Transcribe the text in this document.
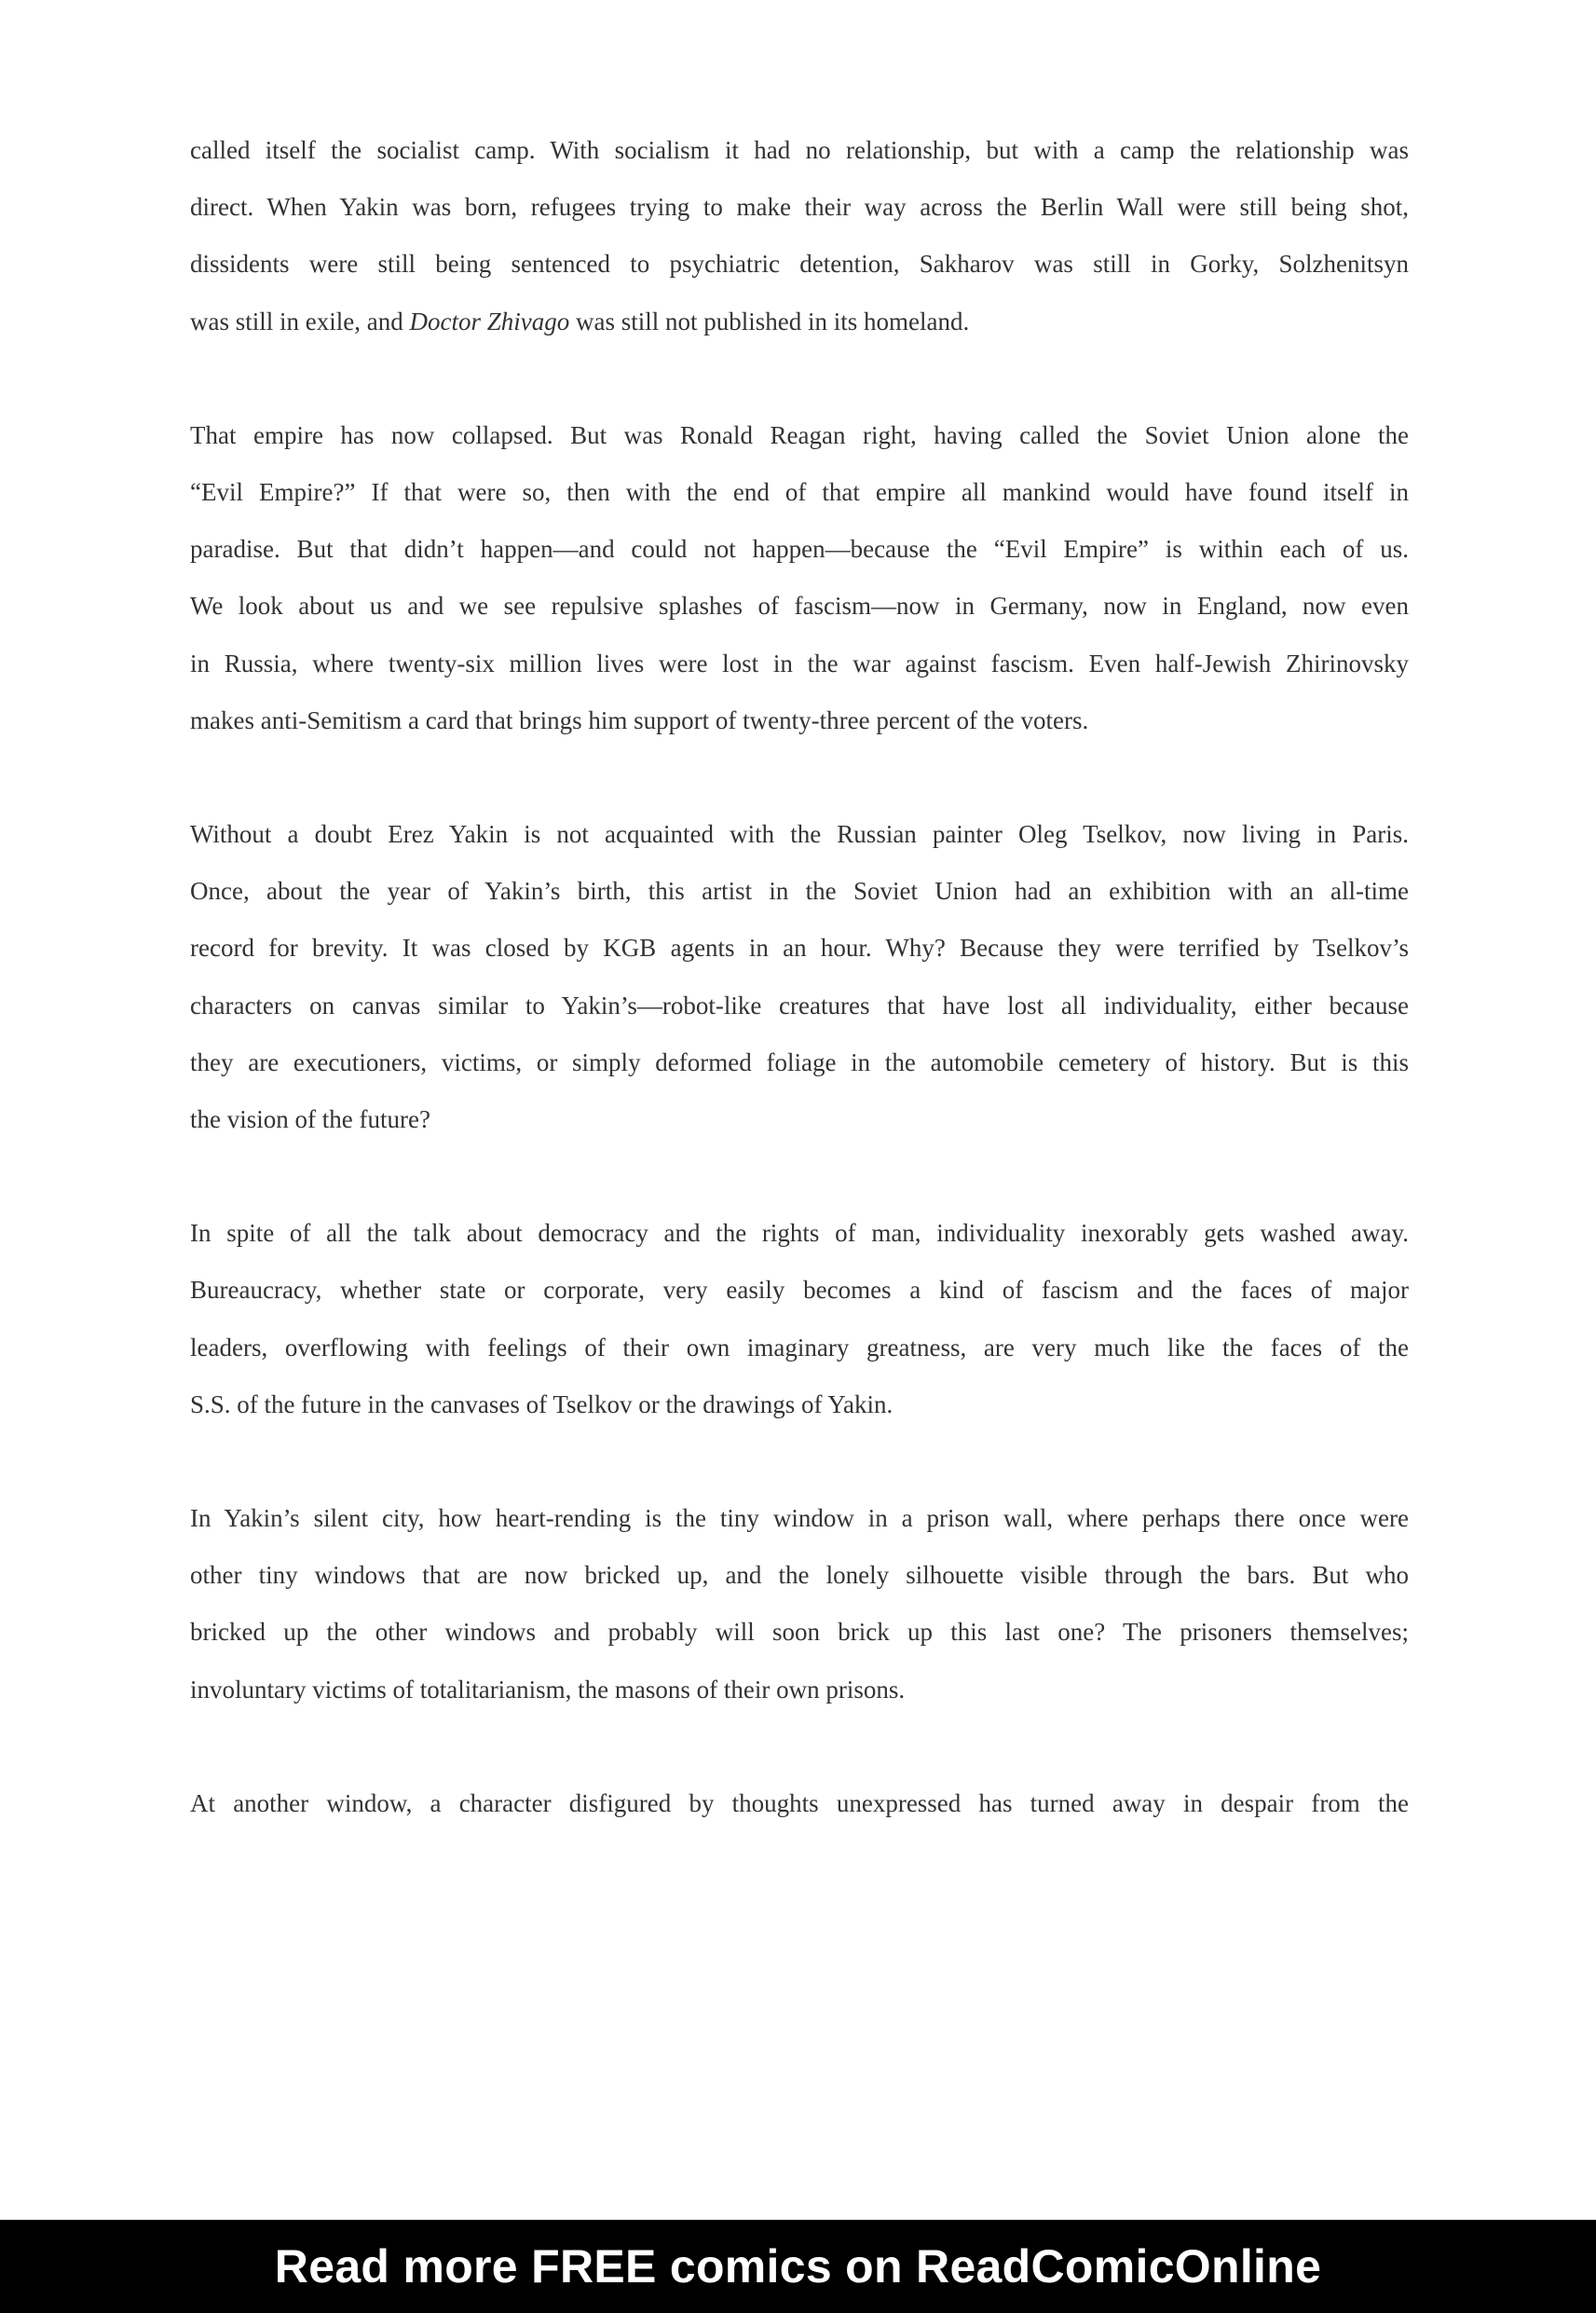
called itself the socialist camp. With socialism it had no relationship, but with a camp the relationship was
direct. When Yakin was born, refugees trying to make their way across the Berlin Wall were still being shot,
dissidents were still being sentenced to psychiatric detention, Sakharov was still in Gorky, Solzhenitsyn
was still in exile, and Doctor Zhivago was still not published in its homeland.

That empire has now collapsed. But was Ronald Reagan right, having called the Soviet Union alone the
“Evil Empire?” If that were so, then with the end of that empire all mankind would have found itself in
paradise. But that didn’t happen—and could not happen—because the “Evil Empire” is within each of us.
We look about us and we see repulsive splashes of fascism—now in Germany, now in England, now even
in Russia, where twenty-six million lives were lost in the war against fascism. Even half-Jewish Zhirinovsky
makes anti-Semitism a card that brings him support of twenty-three percent of the voters.

Without a doubt Erez Yakin is not acquainted with the Russian painter Oleg Tselkov, now living in Paris.
Once, about the year of Yakin’s birth, this artist in the Soviet Union had an exhibition with an all-time
record for brevity. It was closed by KGB agents in an hour. Why? Because they were terrified by Tselkov’s
characters on canvas similar to Yakin’s—robot-like creatures that have lost all individuality, either because
they are executioners, victims, or simply deformed foliage in the automobile cemetery of history. But is this
the vision of the future?

In spite of all the talk about democracy and the rights of man, individuality inexorably gets washed away.
Bureaucracy, whether state or corporate, very easily becomes a kind of fascism and the faces of major
leaders, overflowing with feelings of their own imaginary greatness, are very much like the faces of the
S.S. of the future in the canvases of Tselkov or the drawings of Yakin.

In Yakin’s silent city, how heart-rending is the tiny window in a prison wall, where perhaps there once were
other tiny windows that are now bricked up, and the lonely silhouette visible through the bars. But who
bricked up the other windows and probably will soon brick up this last one? The prisoners themselves;
involuntary victims of totalitarianism, the masons of their own prisons.

At another window, a character disfigured by thoughts unexpressed has turned away in despair from the

Read more FREE comics on ReadComicOnline
